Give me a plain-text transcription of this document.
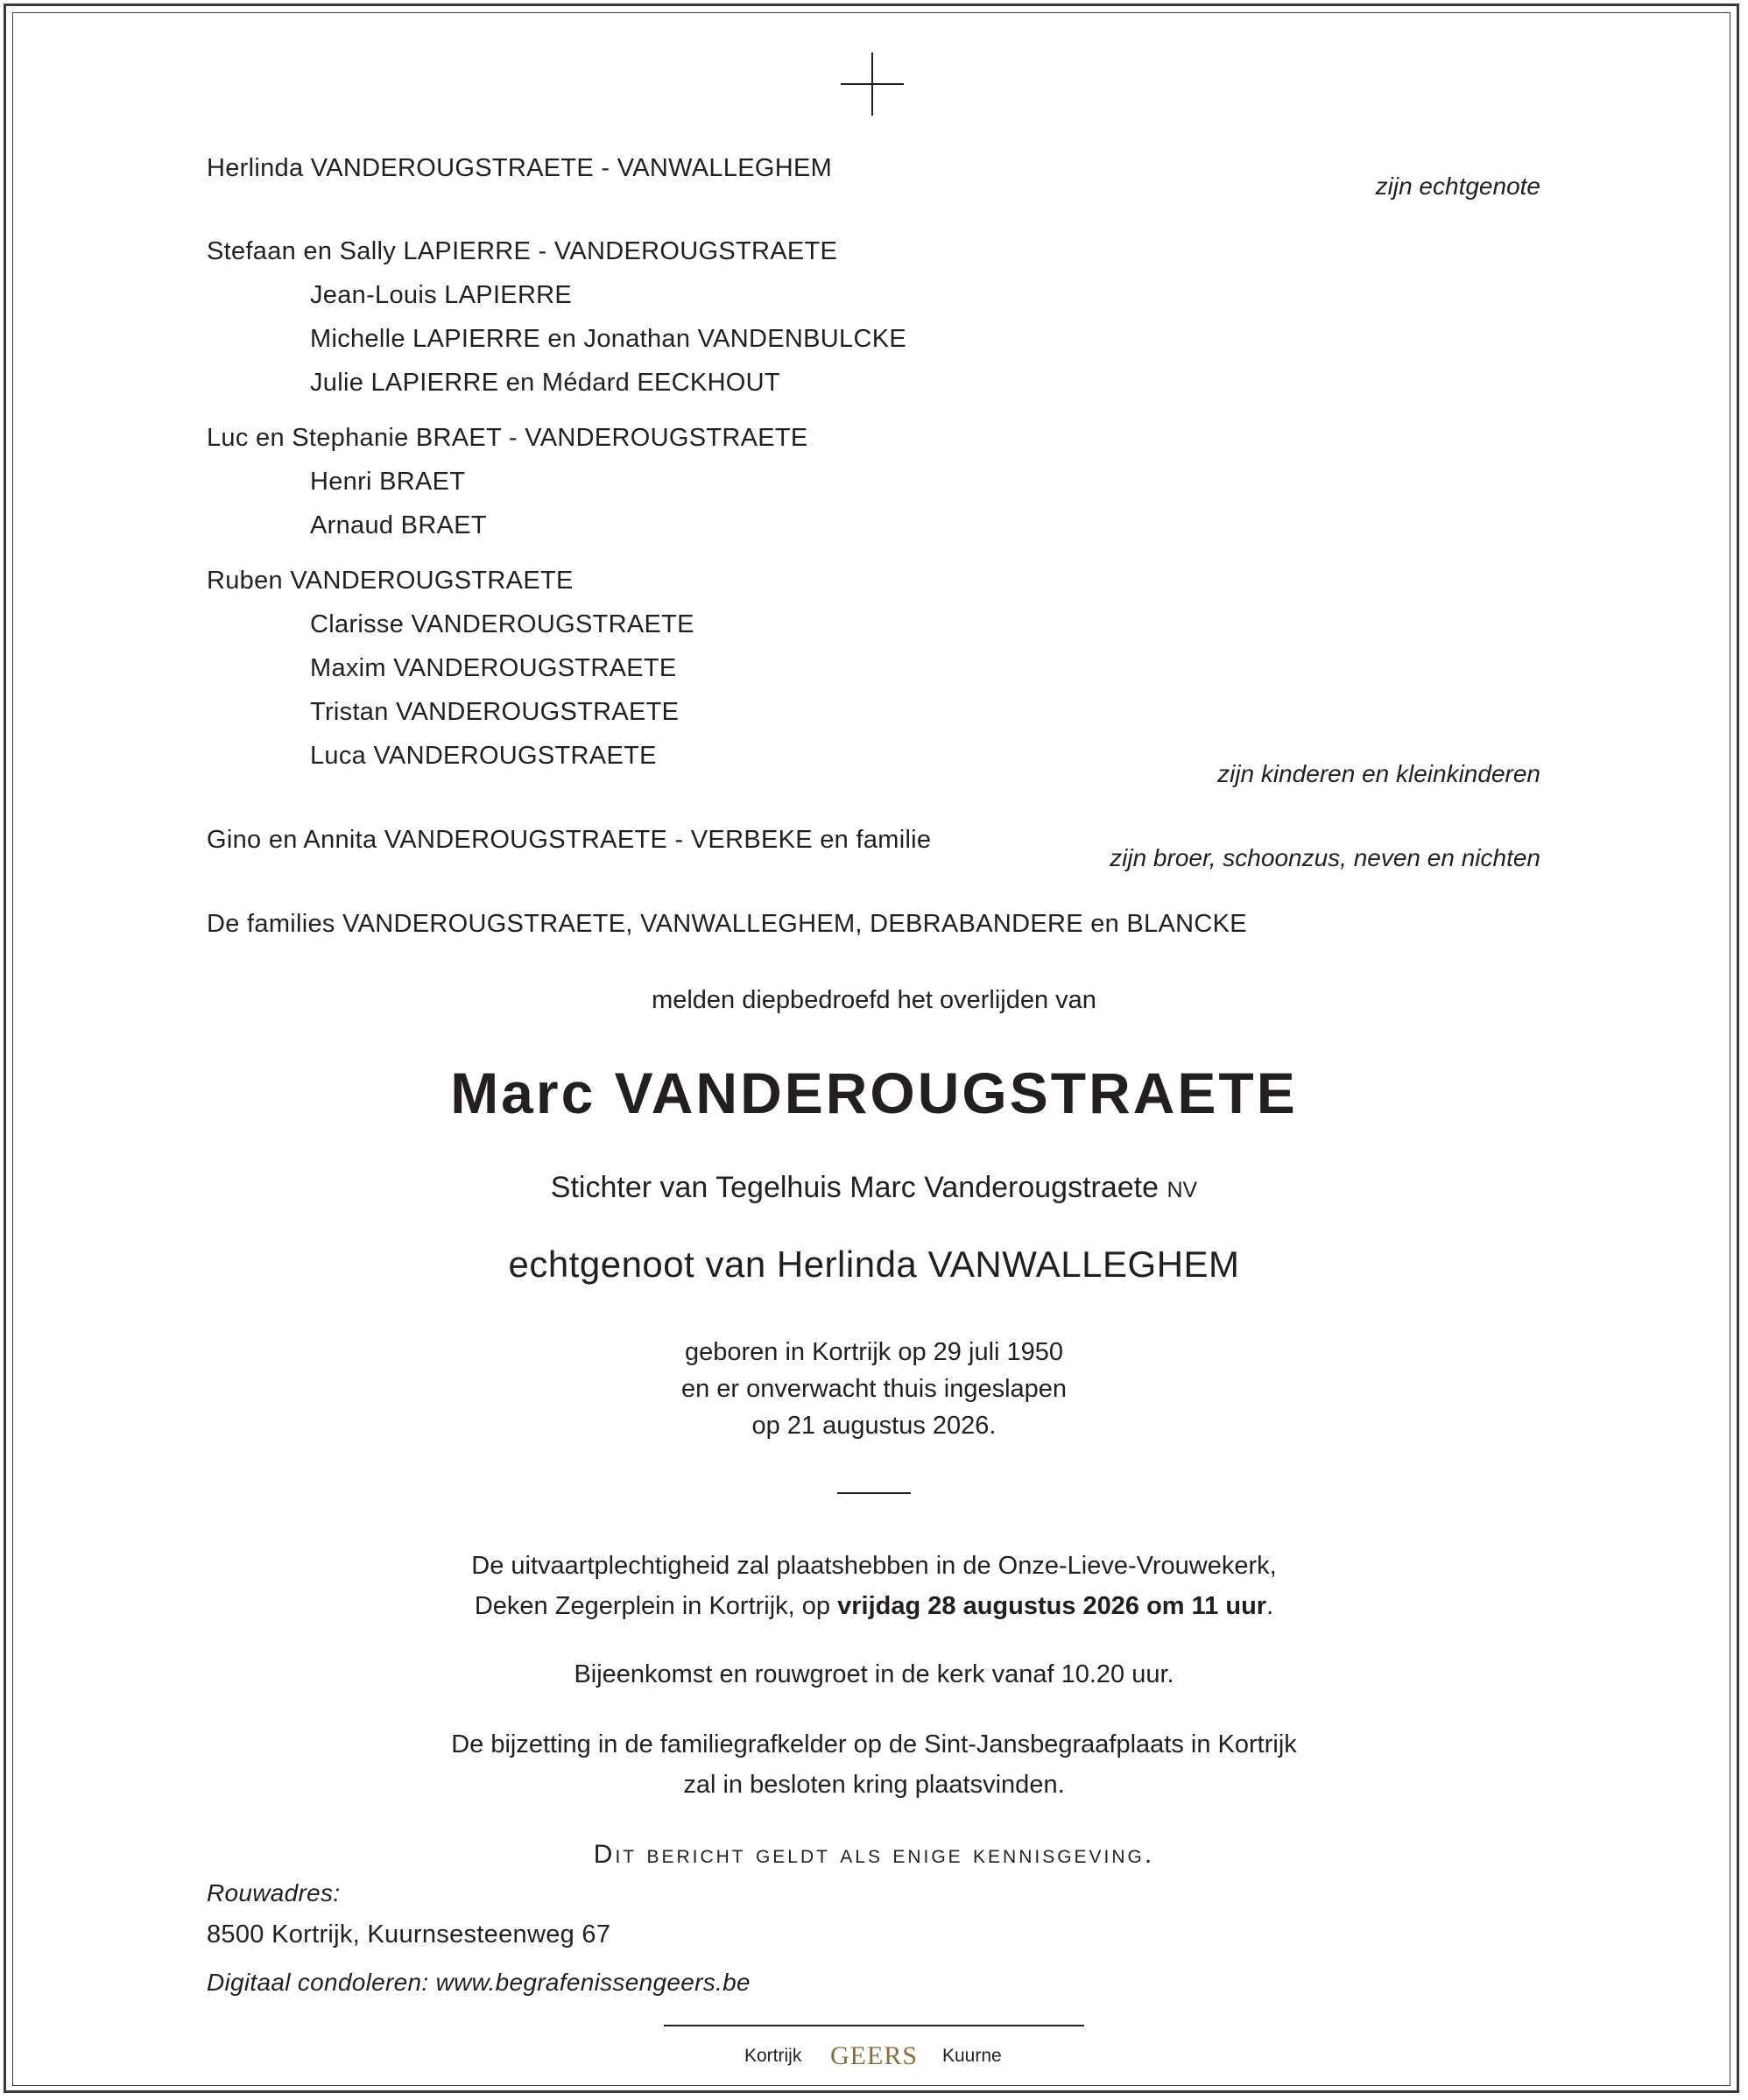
Herlinda VANDEROUGSTRAETE - VANWALLEGHEM
zijn echtgenote
Stefaan en Sally LAPIERRE - VANDEROUGSTRAETE
Jean-Louis LAPIERRE
Michelle LAPIERRE en Jonathan VANDENBULCKE
Julie LAPIERRE en Médard EECKHOUT
Luc en Stephanie BRAET - VANDEROUGSTRAETE
Henri BRAET
Arnaud BRAET
Ruben VANDEROUGSTRAETE
Clarisse VANDEROUGSTRAETE
Maxim VANDEROUGSTRAETE
Tristan VANDEROUGSTRAETE
Luca VANDEROUGSTRAETE
zijn kinderen en kleinkinderen
Gino en Annita VANDEROUGSTRAETE - VERBEKE en familie
zijn broer, schoonzus, neven en nichten
De families VANDEROUGSTRAETE, VANWALLEGHEM, DEBRABANDERE en BLANCKE
melden diepbedroefd het overlijden van
Marc VANDEROUGSTRAETE
Stichter van Tegelhuis Marc Vanderougstraete NV
echtgenoot van Herlinda VANWALLEGHEM
geboren in Kortrijk op 29 juli 1950
en er onverwacht thuis ingeslapen
op 21 augustus 2026.
De uitvaartplechtigheid zal plaatshebben in de Onze-Lieve-Vrouwekerk,
Deken Zegerplein in Kortrijk, op vrijdag 28 augustus 2026 om 11 uur.
Bijeenkomst en rouwgroet in de kerk vanaf 10.20 uur.
De bijzetting in de familiegrafkelder op de Sint-Jansbegraafplaats in Kortrijk
zal in besloten kring plaatsvinden.
Dit bericht geldt als enige kennisgeving.
Rouwadres:
8500 Kortrijk, Kuurnsesteenweg 67
Digitaal condoleren: www.begrafenissengeers.be
Kortrijk GEERS Kuurne
